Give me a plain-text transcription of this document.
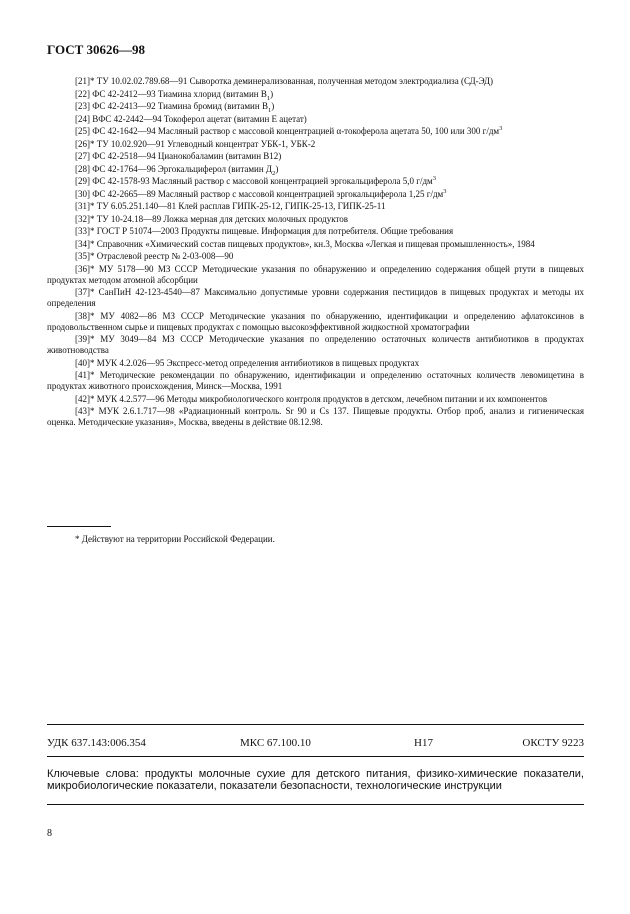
ГОСТ 30626—98

[21]* ТУ 10.02.02.789.68—91 Сыворотка деминерализованная, полученная методом электродиализа (СД-ЭД)

[22] ФС 42-2412—93 Тиамина хлорид (витамин $B_1$)

[23] ФС 42-2413—92 Тиамина бромид (витамин $B_1$)

[24] ВФС 42-2442—94 Токоферол ацетат (витамин Е ацетат)

[25] ФС 42-1642—94 Масляный раствор с массовой концентрацией α-токоферола ацетата 50, 100 или 300 $г/дм^3$

[26]* ТУ 10.02.920—91 Углеводный концентрат УБК-1, УБК-2

[27] ФС 42-2518—94 Цианокобаламин (витамин B12)

[28] ФС 42-1764—96 Эргокальциферол (витамин $Д_2$)

[29] ФС 42-1578-93 Масляный раствор с массовой концентрацией эргокальциферола 5,0 $г/дм^3$

[30] ФС 42-2665—89 Масляный раствор с массовой концентрацией эргокальциферола 1,25 $г/дм^3$

[31]* ТУ 6.05.251.140—81 Клей расплав ГИПК-25-12, ГИПК-25-13, ГИПК-25-11

[32]* ТУ 10-24.18—89 Ложка мерная для детских молочных продуктов

[33]* ГОСТ Р 51074—2003 Продукты пищевые. Информация для потребителя. Общие требования

[34]* Справочник «Химический состав пищевых продуктов», кн.3, Москва «Легкая и пищевая промышленность», 1984

[35]* Отраслевой реестр № 2-03-008—90

[36]* МУ 5178—90 МЗ СССР Методические указания по обнаружению и определению содержания общей ртути в пищевых продуктах методом атомной абсорбции

[37]* СанПиН 42-123-4540—87 Максимально допустимые уровни содержания пестицидов в пищевых продуктах и методы их определения

[38]* МУ 4082—86 МЗ СССР Методические указания по обнаружению, идентификации и определению афлатоксинов в продовольственном сырье и пищевых продуктах с помощью высокоэффективной жидкостной хроматографии

[39]* МУ 3049—84 МЗ СССР Методические указания по определению остаточных количеств антибиотиков в продуктах животноводства

[40]* МУК 4.2.026—95 Экспресс-метод определения антибиотиков в пищевых продуктах

[41]* Методические рекомендации по обнаружению, идентификации и определению остаточных количеств левомицетина в продуктах животного происхождения, Минск—Москва, 1991

[42]* МУК 4.2.577—96 Методы микробиологического контроля продуктов в детском, лечебном питании и их компонентов

[43]* МУК 2.6.1.717—98 «Радиационный контроль. Sr 90 и Cs 137. Пищевые продукты. Отбор проб, анализ и гигиеническая оценка. Методические указания», Москва, введены в действие 08.12.98.

* Действуют на территории Российской Федерации.
УДК 637.143:006.354	МКС 67.100.10	Н17	ОКСТУ 9223
Ключевые слова: продукты молочные сухие для детского питания, физико-химические показатели, микробиологические показатели, показатели безопасности, технологические инструкции
8
